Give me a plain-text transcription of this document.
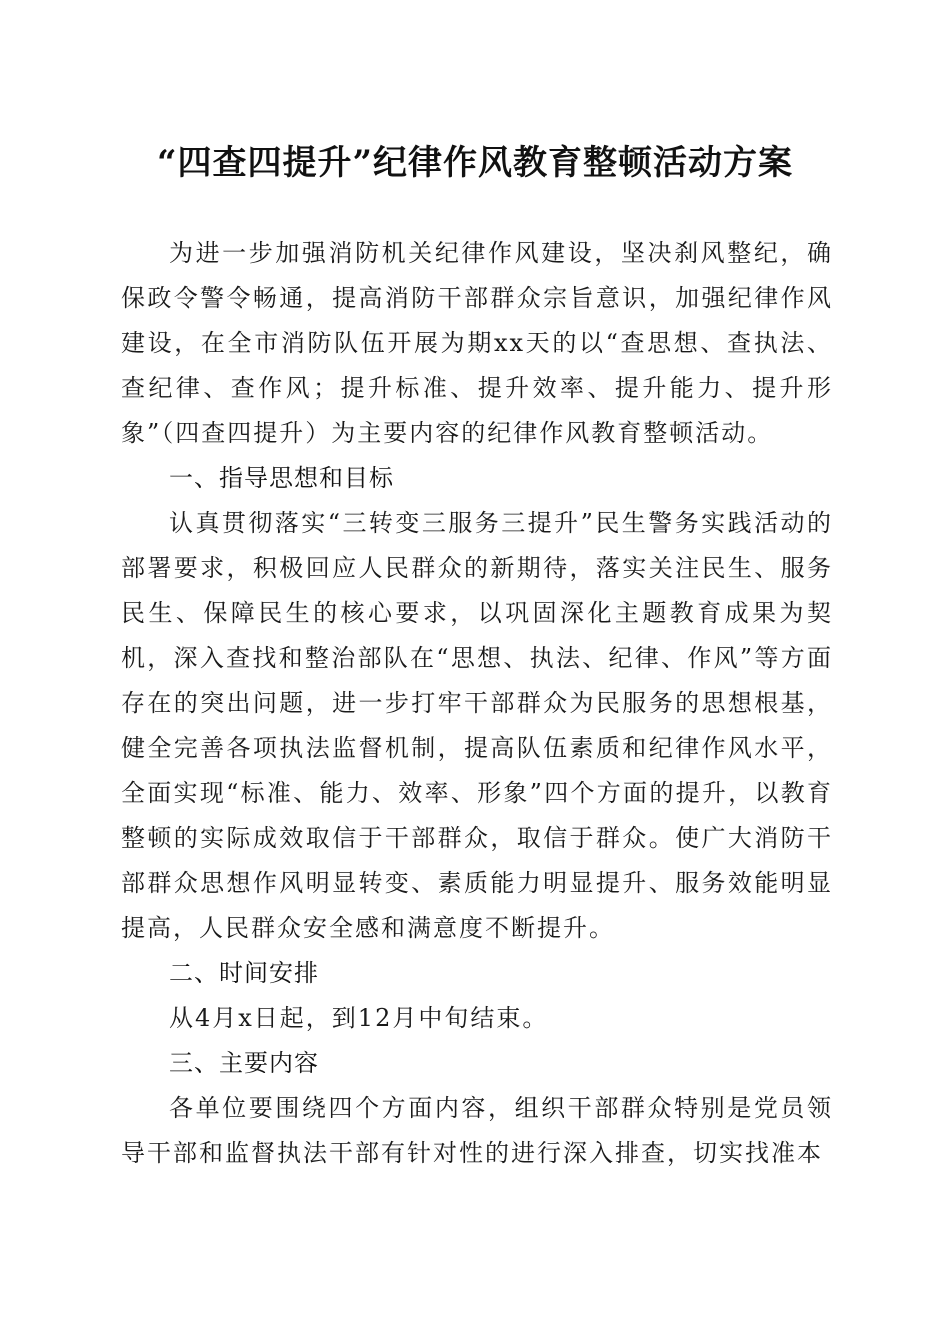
“四查四提升”纪律作风教育整顿活动方案

为进一步加强消防机关纪律作风建设，坚决刹风整纪，确保政令警令畅通，提高消防干部群众宗旨意识，加强纪律作风建设，在全市消防队伍开展为期xx天的以“查思想、查执法、查纪律、查作风；提升标准、提升效率、提升能力、提升形象”（四查四提升）为主要内容的纪律作风教育整顿活动。

一、指导思想和目标

认真贯彻落实“三转变三服务三提升”民生警务实践活动的部署要求，积极回应人民群众的新期待，落实关注民生、服务民生、保障民生的核心要求，以巩固深化主题教育成果为契机，深入查找和整治部队在“思想、执法、纪律、作风”等方面存在的突出问题，进一步打牢干部群众为民服务的思想根基，健全完善各项执法监督机制，提高队伍素质和纪律作风水平，全面实现“标准、能力、效率、形象”四个方面的提升，以教育整顿的实际成效取信于干部群众，取信于群众。使广大消防干部群众思想作风明显转变、素质能力明显提升、服务效能明显提高，人民群众安全感和满意度不断提升。

二、时间安排

从4月x日起，到12月中旬结束。

三、主要内容

各单位要围绕四个方面内容，组织干部群众特别是党员领导干部和监督执法干部有针对性的进行深入排查，切实找准本
